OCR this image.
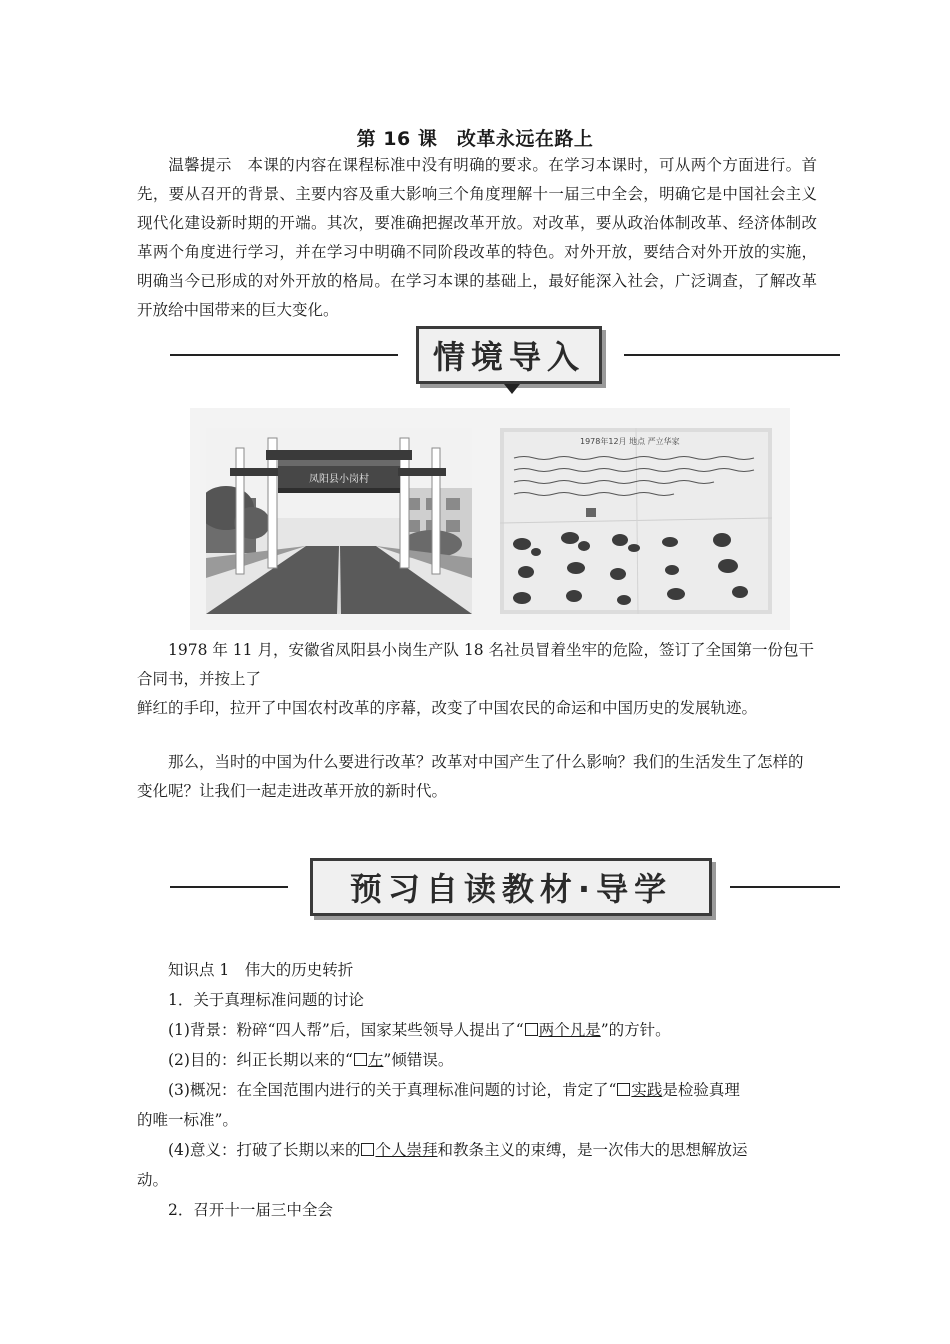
第 16 课　改革永远在路上
温馨提示　 本课的内容在课程标准中没有明确的要求。在学习本课时，可从两个方面进行。首先，要从召开的背景、主要内容及重大影响三个角度理解十一届三中全会，明确它是中国社会主义现代化建设新时期的开端。其次，要准确把握改革开放。对改革，要从政治体制改革、经济体制改革两个角度进行学习，并在学习中明确不同阶段改革的特色。对外开放，要结合对外开放的实施，明确当今已形成的对外开放的格局。在学习本课的基础上，最好能深入社会，广泛调查，了解改革开放给中国带来的巨大变化。
情境导入
凤阳县小岗村
1978年12月 地点 严立华家
1978 年 11 月，安徽省凤阳县小岗生产队 18 名社员冒着坐牢的危险，签订了全国第一份包干合同书，并按上了
鲜红的手印，拉开了中国农村改革的序幕，改变了中国农民的命运和中国历史的发展轨迹。
那么，当时的中国为什么要进行改革？改革对中国产生了什么影响？我们的生活发生了怎样的变化呢？让我们一起走进改革开放的新时代。
预习自读教材·导学
知识点 1　伟大的历史转折
1．关于真理标准问题的讨论
(1)背景：粉碎“四人帮”后，国家某些领导人提出了“ 两个凡是”的方针。
(2)目的：纠正长期以来的“ 左”倾错误。
(3)概况：在全国范围内进行的关于真理标准问题的讨论，肯定了“ 实践是检验真理
的唯一标准”。
(4)意义：打破了长期以来的 个人崇拜和教条主义的束缚，是一次伟大的思想解放运
动。
2．召开十一届三中全会
